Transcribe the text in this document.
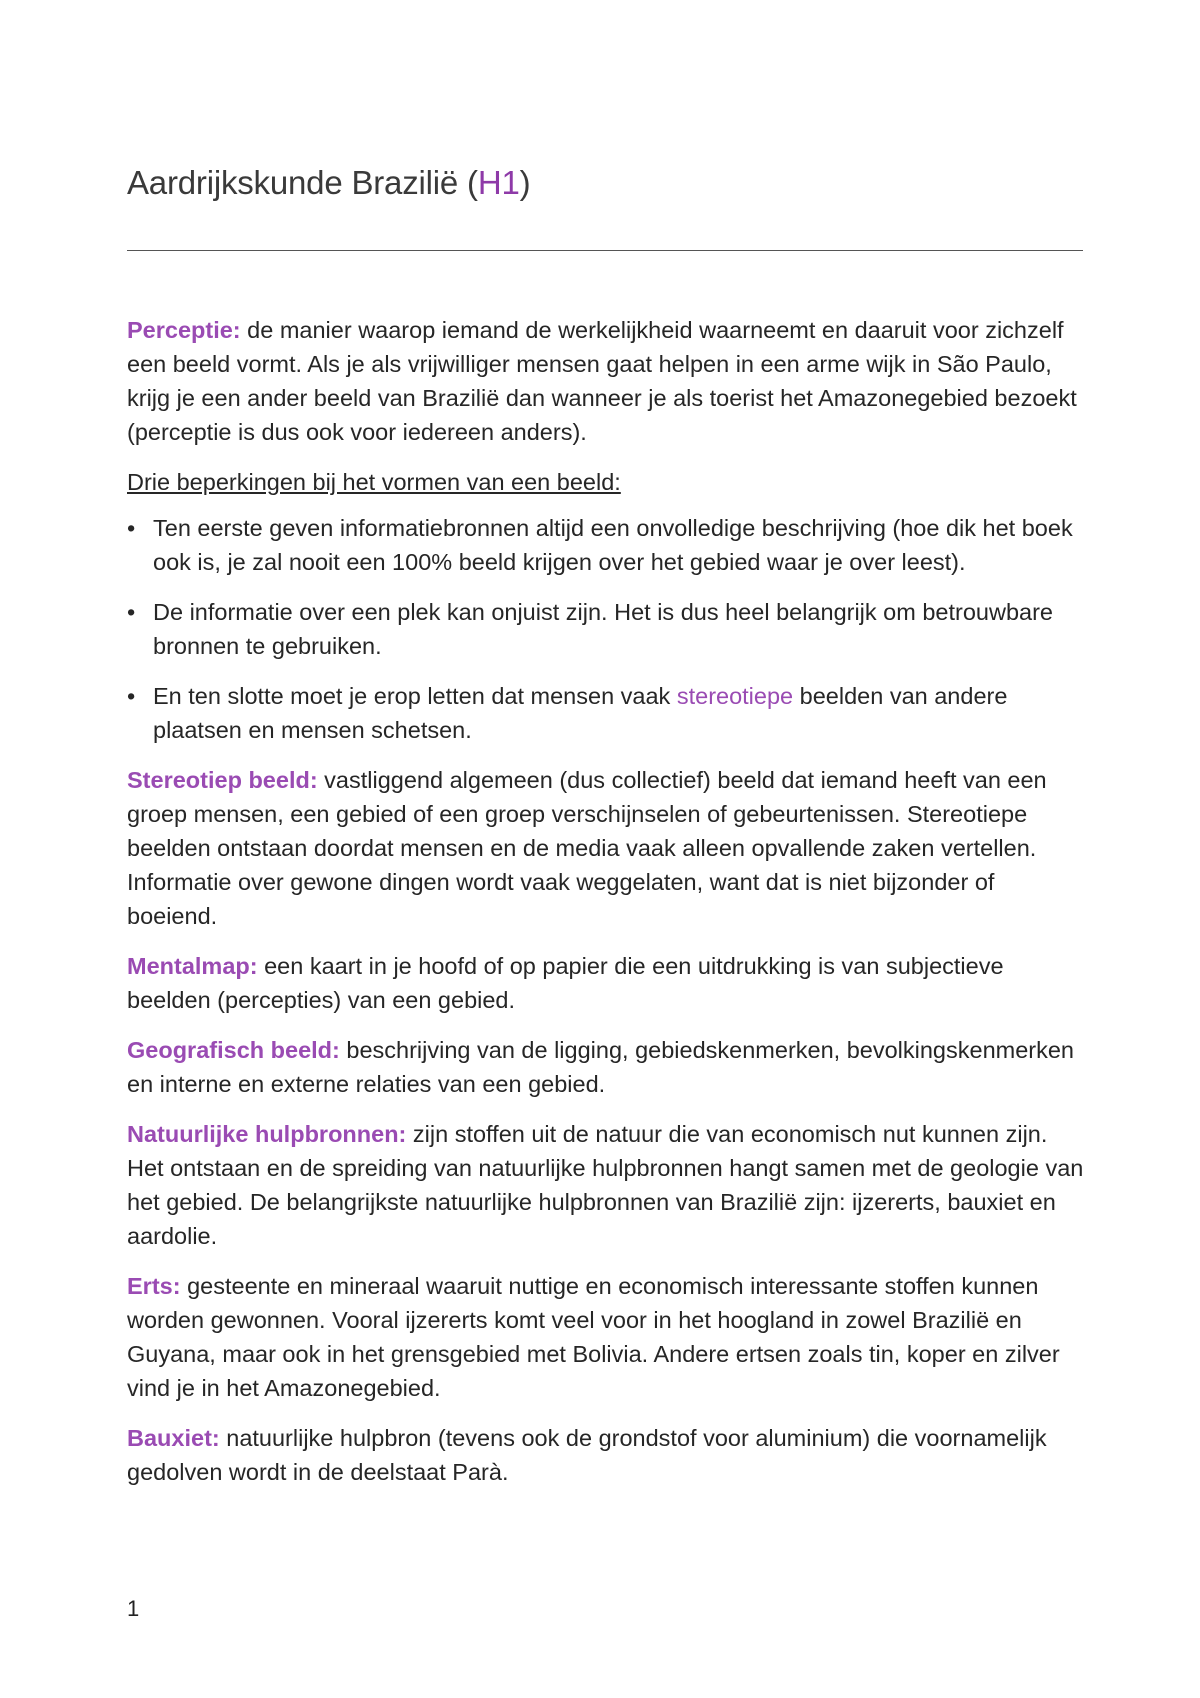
Aardrijkskunde Brazilië (H1)

Perceptie: de manier waarop iemand de werkelijkheid waarneemt en daaruit voor zichzelf een beeld vormt. Als je als vrijwilliger mensen gaat helpen in een arme wijk in São Paulo, krijg je een ander beeld van Brazilië dan wanneer je als toerist het Amazonegebied bezoekt (perceptie is dus ook voor iedereen anders).

Drie beperkingen bij het vormen van een beeld:

• Ten eerste geven informatiebronnen altijd een onvolledige beschrijving (hoe dik het boek ook is, je zal nooit een 100% beeld krijgen over het gebied waar je over leest).
• De informatie over een plek kan onjuist zijn. Het is dus heel belangrijk om betrouwbare bronnen te gebruiken.
• En ten slotte moet je erop letten dat mensen vaak stereotiepe beelden van andere plaatsen en mensen schetsen.

Stereotiep beeld: vastliggend algemeen (dus collectief) beeld dat iemand heeft van een groep mensen, een gebied of een groep verschijnselen of gebeurtenissen. Stereotiepe beelden ontstaan doordat mensen en de media vaak alleen opvallende zaken vertellen. Informatie over gewone dingen wordt vaak weggelaten, want dat is niet bijzonder of boeiend.

Mentalmap: een kaart in je hoofd of op papier die een uitdrukking is van subjectieve beelden (percepties) van een gebied.

Geografisch beeld: beschrijving van de ligging, gebiedskenmerken, bevolkingskenmerken en interne en externe relaties van een gebied.

Natuurlijke hulpbronnen: zijn stoffen uit de natuur die van economisch nut kunnen zijn. Het ontstaan en de spreiding van natuurlijke hulpbronnen hangt samen met de geologie van het gebied. De belangrijkste natuurlijke hulpbronnen van Brazilië zijn: ijzererts, bauxiet en aardolie.

Erts: gesteente en mineraal waaruit nuttige en economisch interessante stoffen kunnen worden gewonnen. Vooral ijzererts komt veel voor in het hoogland in zowel Brazilië en Guyana, maar ook in het grensgebied met Bolivia. Andere ertsen zoals tin, koper en zilver vind je in het Amazonegebied.

Bauxiet: natuurlijke hulpbron (tevens ook de grondstof voor aluminium) die voornamelijk gedolven wordt in de deelstaat Parà.

1
